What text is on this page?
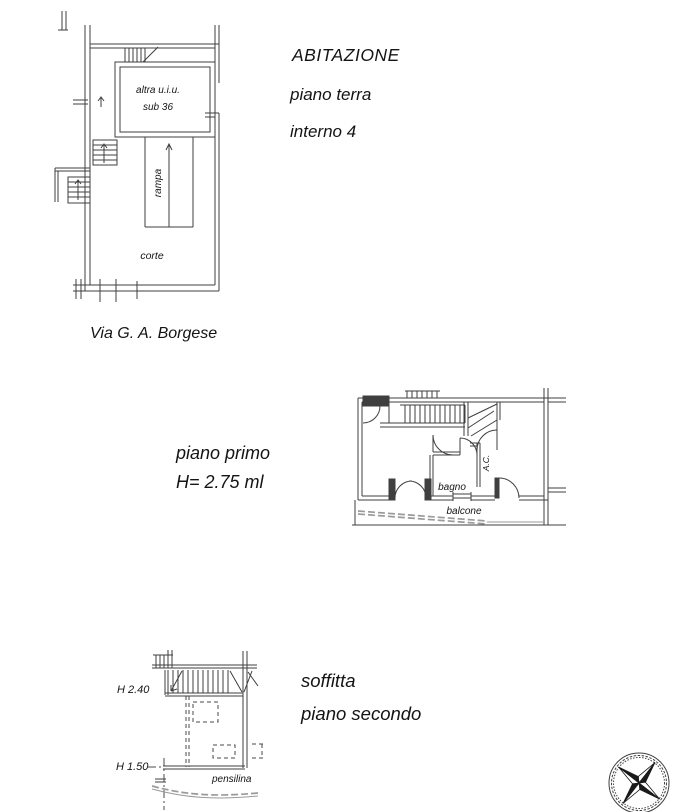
altra u.i.u.
sub 36
rampa
corte
Via G. A. Borgese
ABITAZIONE
piano terra
interno 4
bagno
A.C.
balcone
piano primo
H= 2.75 ml
H 2.40
H 1.50
pensilina
soffitta
piano secondo
